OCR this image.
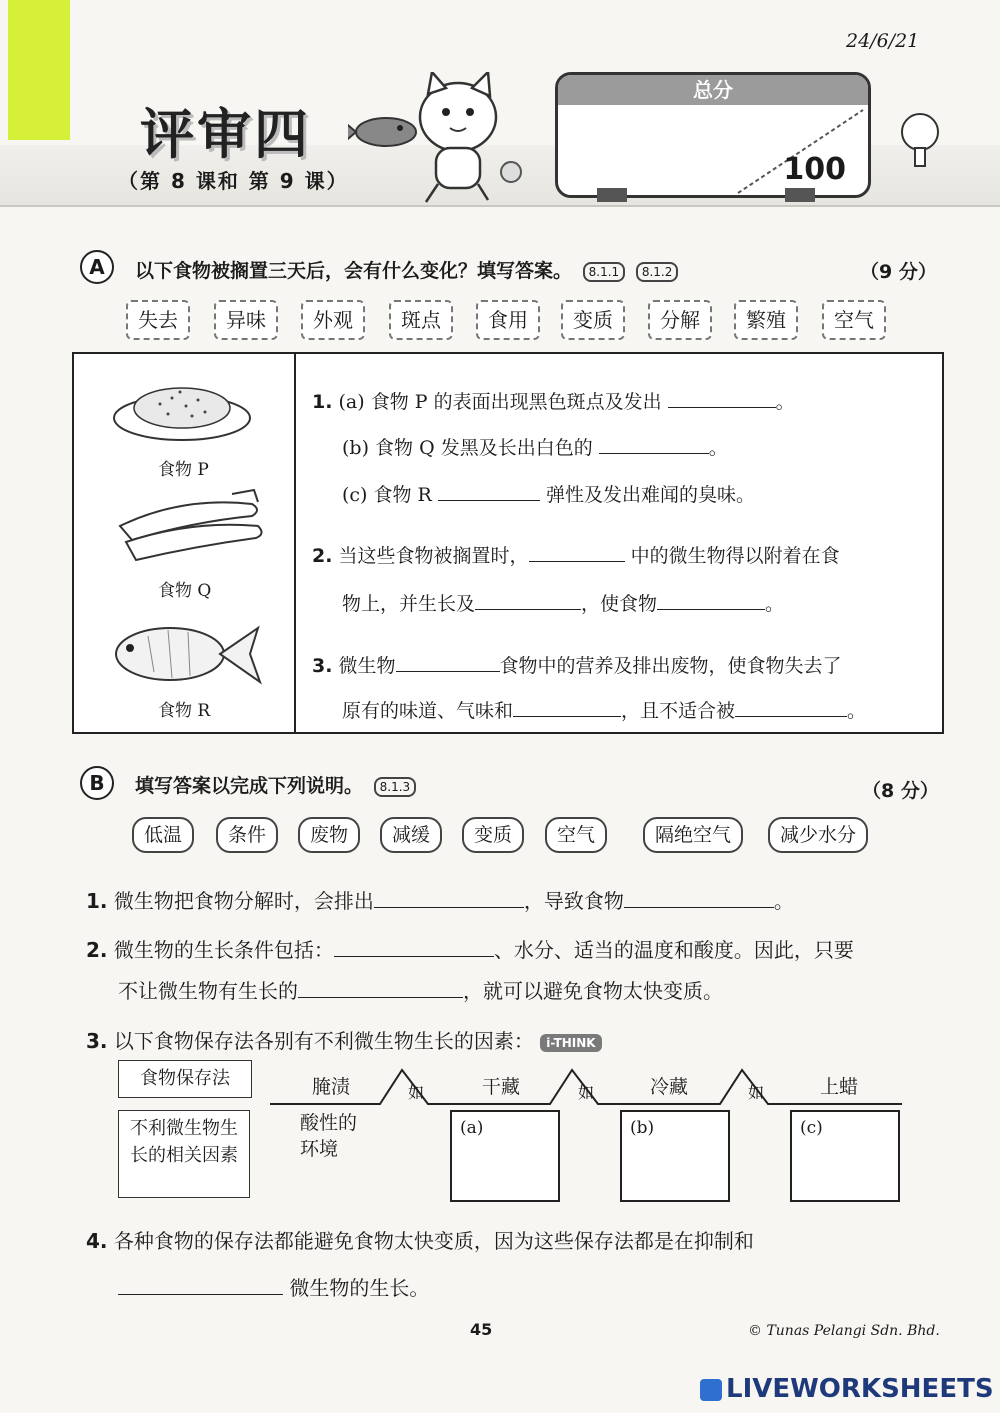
24/6/21
评审四
（第 8 课和 第 9 课）
总分
100
A	以下食物被搁置三天后，会有什么变化？填写答案。 8.1.1 8.1.2	（9 分）
失去	异味	外观	斑点	食用	变质	分解	繁殖	空气
食物 P
食物 Q
食物 R
1. (a) 食物 P 的表面出现黑色斑点及发出	。
(b) 食物 Q 发黑及长出白色的	。
(c) 食物 R	弹性及发出难闻的臭味。
2. 当这些食物被搁置时，	中的微生物得以附着在食
物上，并生长及	，使食物	。
3. 微生物	食物中的营养及排出废物，使食物失去了
原有的味道、气味和	，且不适合被	。
B	填写答案以完成下列说明。 8.1.3	（8 分）
低温	条件	废物	减缓	变质	空气	隔绝空气	减少水分
1. 微生物把食物分解时，会排出	，导致食物	。
2. 微生物的生长条件包括：	、水分、适当的温度和酸度。因此，只要
不让微生物有生长的	，就可以避免食物太快变质。
3. 以下食物保存法各别有不利微生物生长的因素： i-THINK
食物保存法
不利微生物生长的相关因素
腌渍	如	干藏	如	冷藏	如	上蜡
酸性的环境
(a)	(b)	(c)
4. 各种食物的保存法都能避免食物太快变质，因为这些保存法都是在抑制和
微生物的生长。
45	© Tunas Pelangi Sdn. Bhd.
LIVEWORKSHEETS
